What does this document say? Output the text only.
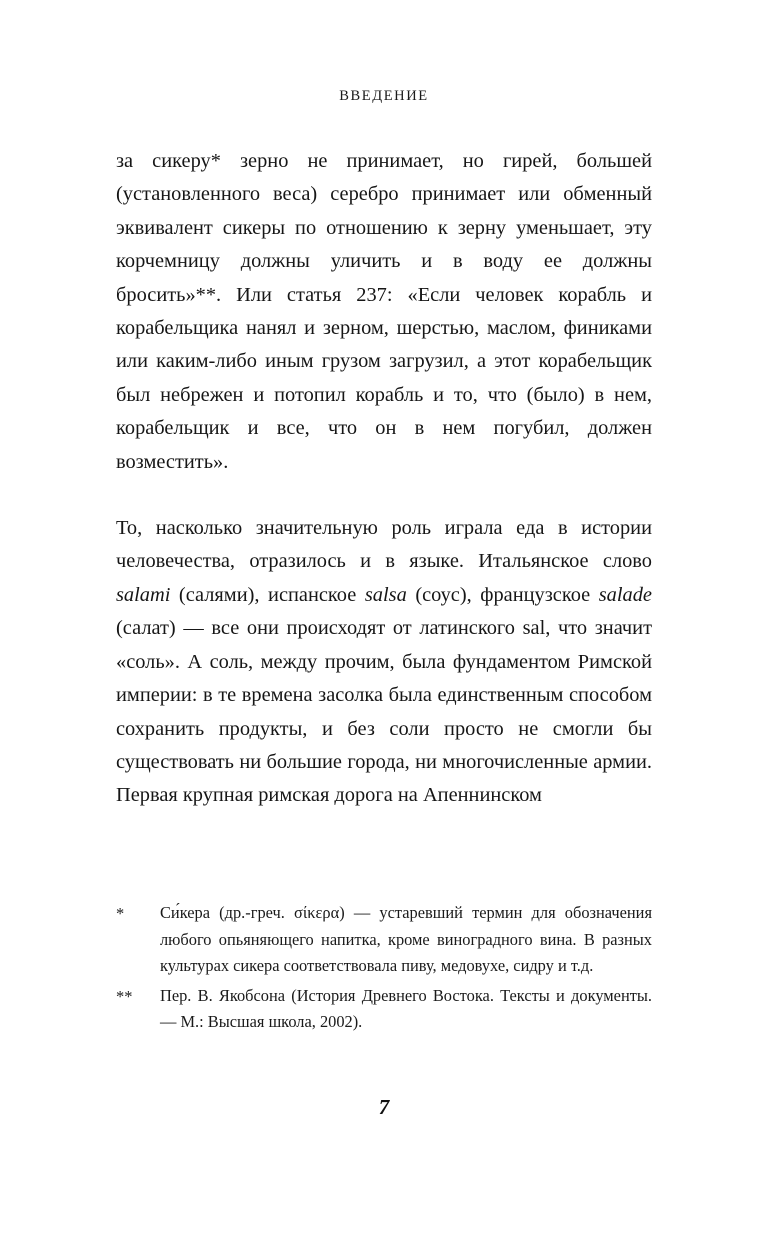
ВВЕДЕНИЕ

за сикеру* зерно не принимает, но гирей, большей (установленного веса) серебро принимает или обменный эквивалент сикеры по отношению к зерну уменьшает, эту корчемницу должны уличить и в воду ее должны бросить»**. Или статья 237: «Если человек корабль и корабельщика нанял и зерном, шерстью, маслом, финиками или каким-либо иным грузом загрузил, а этот корабельщик был небрежен и потопил корабль и то, что (было) в нем, корабельщик и все, что он в нем погубил, должен возместить».

То, насколько значительную роль играла еда в истории человечества, отразилось и в языке. Итальянское слово salami (салями), испанское salsa (соус), французское salade (салат) — все они происходят от латинского sal, что значит «соль». А соль, между прочим, была фундаментом Римской империи: в те времена засолка была единственным способом сохранить продукты, и без соли просто не смогли бы существовать ни большие города, ни многочисленные армии. Первая крупная римская дорога на Апеннинском

*	Си́кера (др.-греч. σίκερα) — устаревший термин для обозначения любого опьяняющего напитка, кроме виноградного вина. В разных культурах сикера соответствовала пиву, медовухе, сидру и т.д.
**	Пер. В. Якобсона (История Древнего Востока. Тексты и документы. — М.: Высшая школа, 2002).
7
